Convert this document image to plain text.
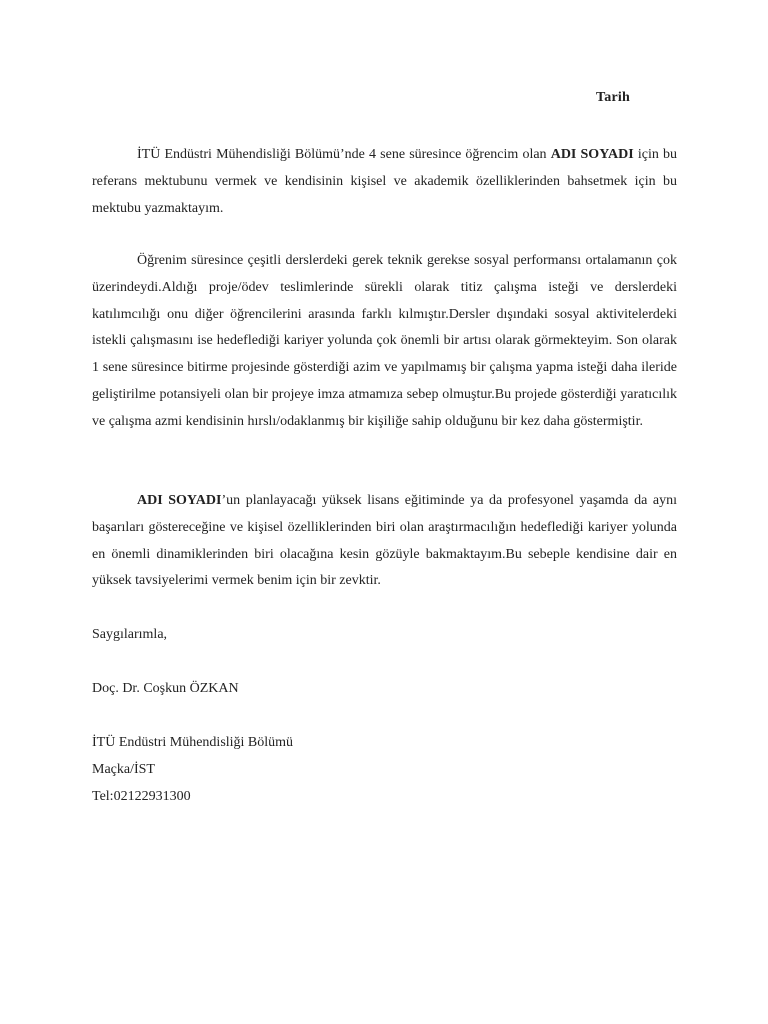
Tarih

İTÜ Endüstri Mühendisliği Bölümü’nde 4 sene süresince öğrencim olan ADI SOYADI için bu referans mektubunu vermek ve kendisinin kişisel ve akademik özelliklerinden bahsetmek için bu mektubu yazmaktayım.

Öğrenim süresince çeşitli derslerdeki gerek teknik gerekse sosyal performansı ortalamanın çok üzerindeydi.Aldığı proje/ödev teslimlerinde sürekli olarak titiz çalışma isteği ve derslerdeki katılımcılığı onu diğer öğrencilerini arasında farklı kılmıştır.Dersler dışındaki sosyal aktivitelerdeki istekli çalışmasını ise hedeflediği kariyer yolunda çok önemli bir artısı olarak görmekteyim. Son olarak 1 sene süresince bitirme projesinde gösterdiği azim ve yapılmamış bir çalışma yapma isteği daha ileride geliştirilme potansiyeli olan bir projeye imza atmamıza sebep olmuştur.Bu projede gösterdiği yaratıcılık ve çalışma azmi kendisinin hırslı/odaklanmış bir kişiliğe sahip olduğunu bir kez daha göstermiştir.

ADI SOYADI’un planlayacağı yüksek lisans eğitiminde ya da profesyonel yaşamda da aynı başarıları göstereceğine ve kişisel özelliklerinden biri olan araştırmacılığın hedeflediği kariyer yolunda en önemli dinamiklerinden biri olacağına kesin gözüyle bakmaktayım.Bu sebeple kendisine dair en yüksek tavsiyelerimi vermek benim için bir zevktir.

Saygılarımla,
Doç. Dr. Coşkun ÖZKAN
İTÜ Endüstri Mühendisliği Bölümü
Maçka/İST
Tel:02122931300
